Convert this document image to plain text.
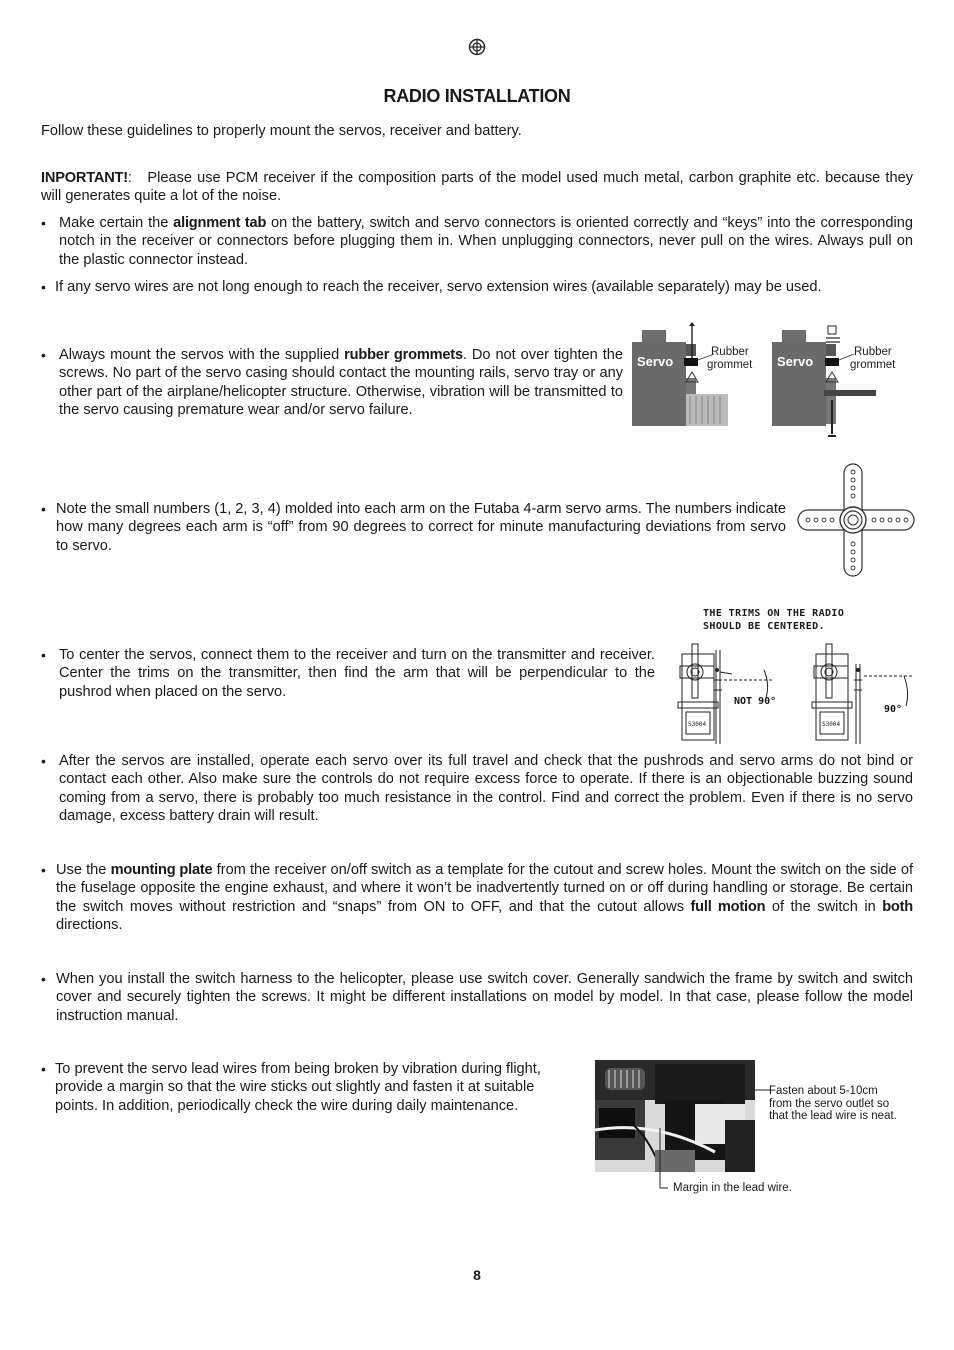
RADIO INSTALLATION

Follow these guidelines to properly mount the servos, receiver and battery.

INPORTANT!: Please use PCM receiver if the composition parts of the model used much metal, carbon graphite etc. because they will generates quite a lot of the noise.

• Make certain the alignment tab on the battery, switch and servo connectors is oriented correctly and “keys” into the corresponding notch in the receiver or connectors before plugging them in. When unplugging connectors, never pull on the wires. Always pull on the plastic connector instead.
• If any servo wires are not long enough to reach the receiver, servo extension wires (available separately) may be used.
• Always mount the servos with the supplied rubber grommets. Do not over tighten the screws. No part of the servo casing should contact the mounting rails, servo tray or any other part of the airplane/helicopter structure. Otherwise, vibration will be transmitted to the servo causing premature wear and/or servo failure.
Servo	Servo
Rubber
grommet
Rubber
grommet
• Note the small numbers (1, 2, 3, 4) molded into each arm on the Futaba 4-arm servo arms. The numbers indicate how many degrees each arm is “off” from 90 degrees to correct for minute manufacturing deviations from servo to servo.
THE TRIMS ON THE RADIO
SHOULD BE CENTERED.
• To center the servos, connect them to the receiver and turn on the transmitter and receiver. Center the trims on the transmitter, then find the arm that will be perpendicular to the pushrod when placed on the servo.
S3004
NOT 90°
S3004
90°
• After the servos are installed, operate each servo over its full travel and check that the pushrods and servo arms do not bind or contact each other. Also make sure the controls do not require excess force to operate. If there is an objectionable buzzing sound coming from a servo, there is probably too much resistance in the control. Find and correct the problem. Even if there is no servo damage, excess battery drain will result.
• Use the mounting plate from the receiver on/off switch as a template for the cutout and screw holes. Mount the switch on the side of the fuselage opposite the engine exhaust, and where it won’t be inadvertently turned on or off during handling or storage. Be certain the switch moves without restriction and “snaps” from ON to OFF, and that the cutout allows full motion of the switch in both directions.
• When you install the switch harness to the helicopter, please use switch cover. Generally sandwich the frame by switch and switch cover and securely tighten the screws. It might be different installations on model by model. In that case, please follow the model instruction manual.
• To prevent the servo lead wires from being broken by vibration during flight, provide a margin so that the wire sticks out slightly and fasten it at suitable points. In addition, periodically check the wire during daily maintenance.
Fasten about 5-10cm from the servo outlet so that the lead wire is neat.
Margin in the lead wire.
8
